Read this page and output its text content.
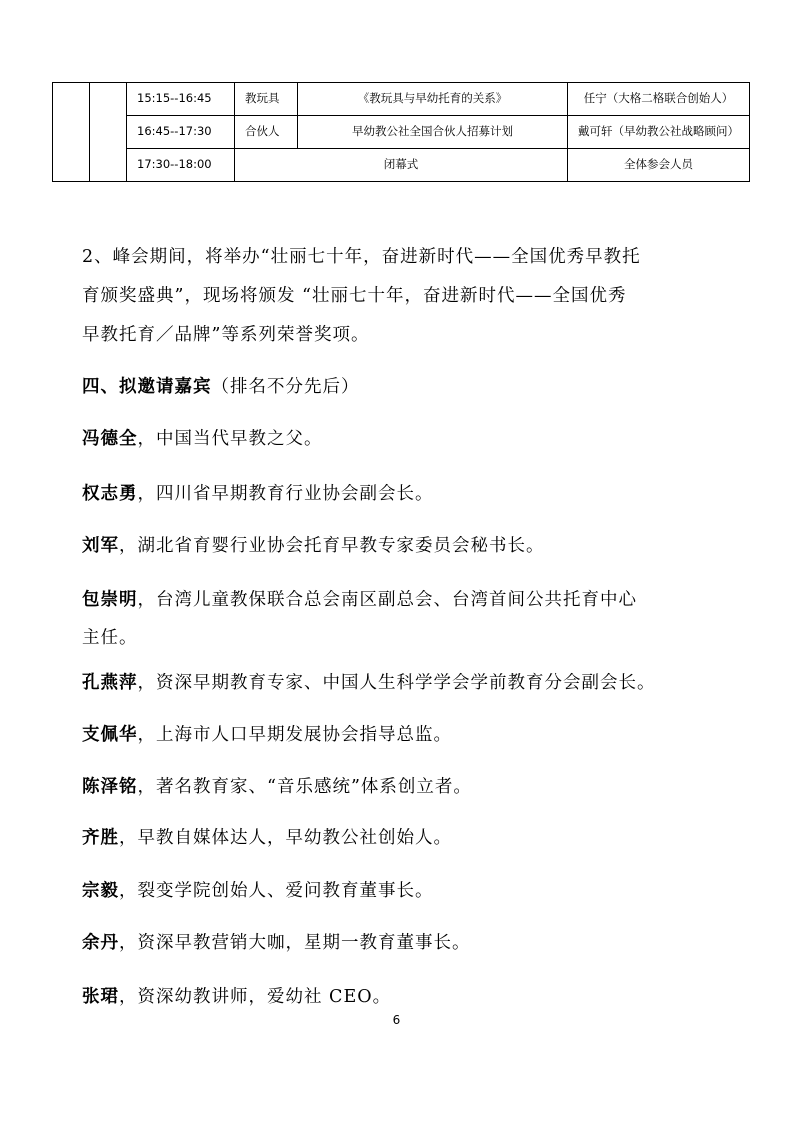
		15:15--16:45	教玩具	《教玩具与早幼托育的关系》	任宁（大格二格联合创始人）
		16:45--17:30	合伙人	早幼教公社全国合伙人招募计划	戴可轩（早幼教公社战略顾问）
		17:30--18:00	闭幕式		全体参会人员

2、峰会期间，将举办“壮丽七十年，奋进新时代——全国优秀早教托
育颁奖盛典”，现场将颁发 “壮丽七十年，奋进新时代——全国优秀
早教托育／品牌”等系列荣誉奖项。

四、拟邀请嘉宾（排名不分先后）

冯德全，中国当代早教之父。

权志勇，四川省早期教育行业协会副会长。

刘军，湖北省育婴行业协会托育早教专家委员会秘书长。

包崇明，台湾儿童教保联合总会南区副总会、台湾首间公共托育中心
主任。

孔燕萍，资深早期教育专家、中国人生科学学会学前教育分会副会长。

支佩华，上海市人口早期发展协会指导总监。

陈泽铭，著名教育家、“音乐感统”体系创立者。

齐胜，早教自媒体达人，早幼教公社创始人。

宗毅，裂变学院创始人、爱问教育董事长。

余丹，资深早教营销大咖，星期一教育董事长。

张珺，资深幼教讲师，爱幼社 CEO。

6
